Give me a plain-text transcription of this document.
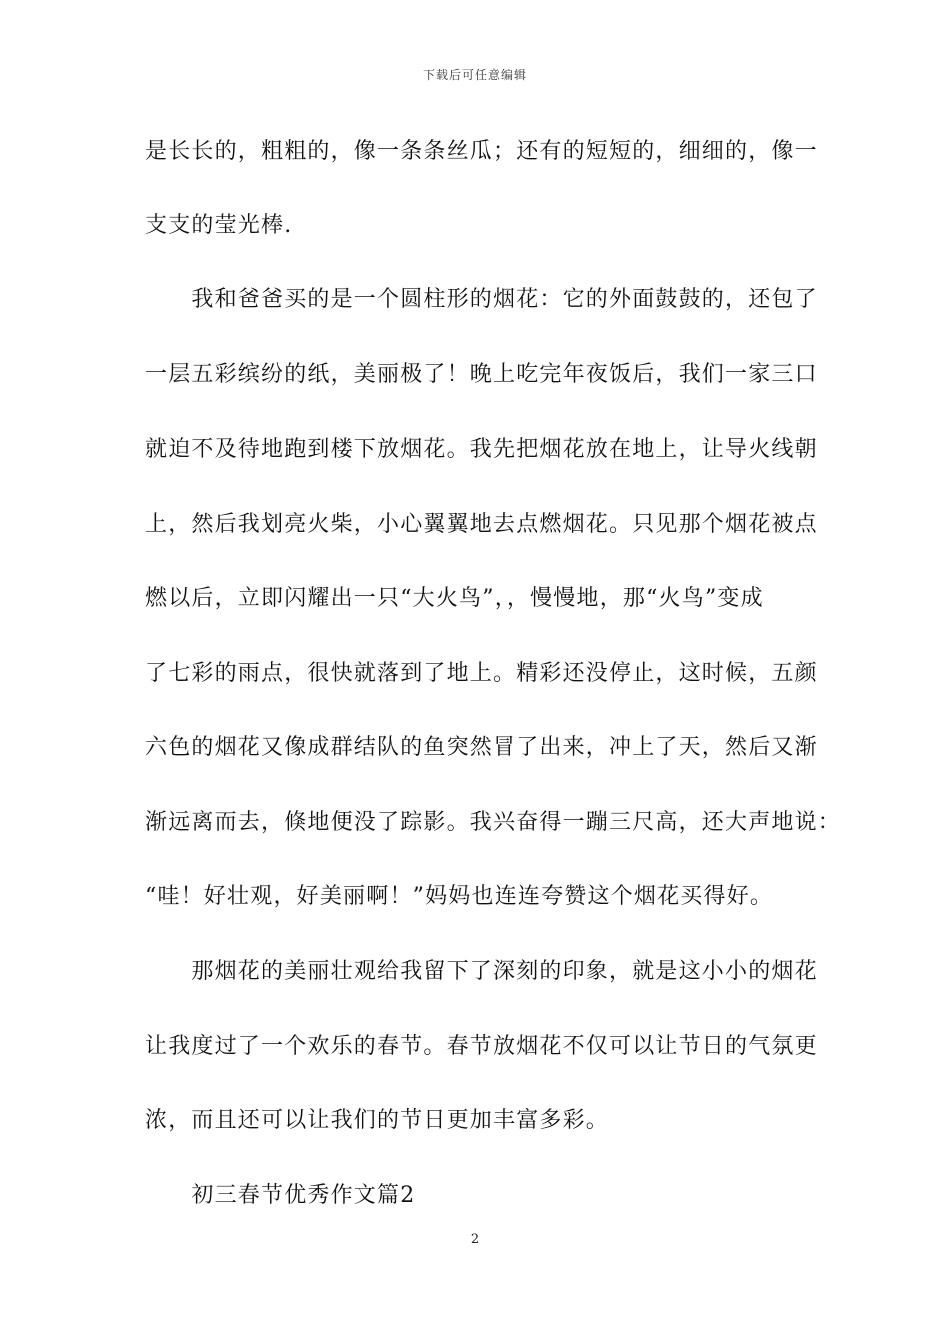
下载后可任意编辑
是长长的，粗粗的，像一条条丝瓜；还有的短短的，细细的，像一
支支的莹光棒.
　　我和爸爸买的是一个圆柱形的烟花：它的外面鼓鼓的，还包了
一层五彩缤纷的纸，美丽极了！晚上吃完年夜饭后，我们一家三口
就迫不及待地跑到楼下放烟花。我先把烟花放在地上，让导火线朝
上，然后我划亮火柴，小心翼翼地去点燃烟花。只见那个烟花被点
燃以后，立即闪耀出一只“大火鸟”，，慢慢地，那“火鸟”变成
了七彩的雨点，很快就落到了地上。精彩还没停止，这时候，五颜
六色的烟花又像成群结队的鱼突然冒了出来，冲上了天，然后又渐
渐远离而去，倏地便没了踪影。我兴奋得一蹦三尺高，还大声地说：
“哇！好壮观，好美丽啊！”妈妈也连连夸赞这个烟花买得好。
　　那烟花的美丽壮观给我留下了深刻的印象，就是这小小的烟花
让我度过了一个欢乐的春节。春节放烟花不仅可以让节日的气氛更
浓，而且还可以让我们的节日更加丰富多彩。
　　初三春节优秀作文篇2
2
